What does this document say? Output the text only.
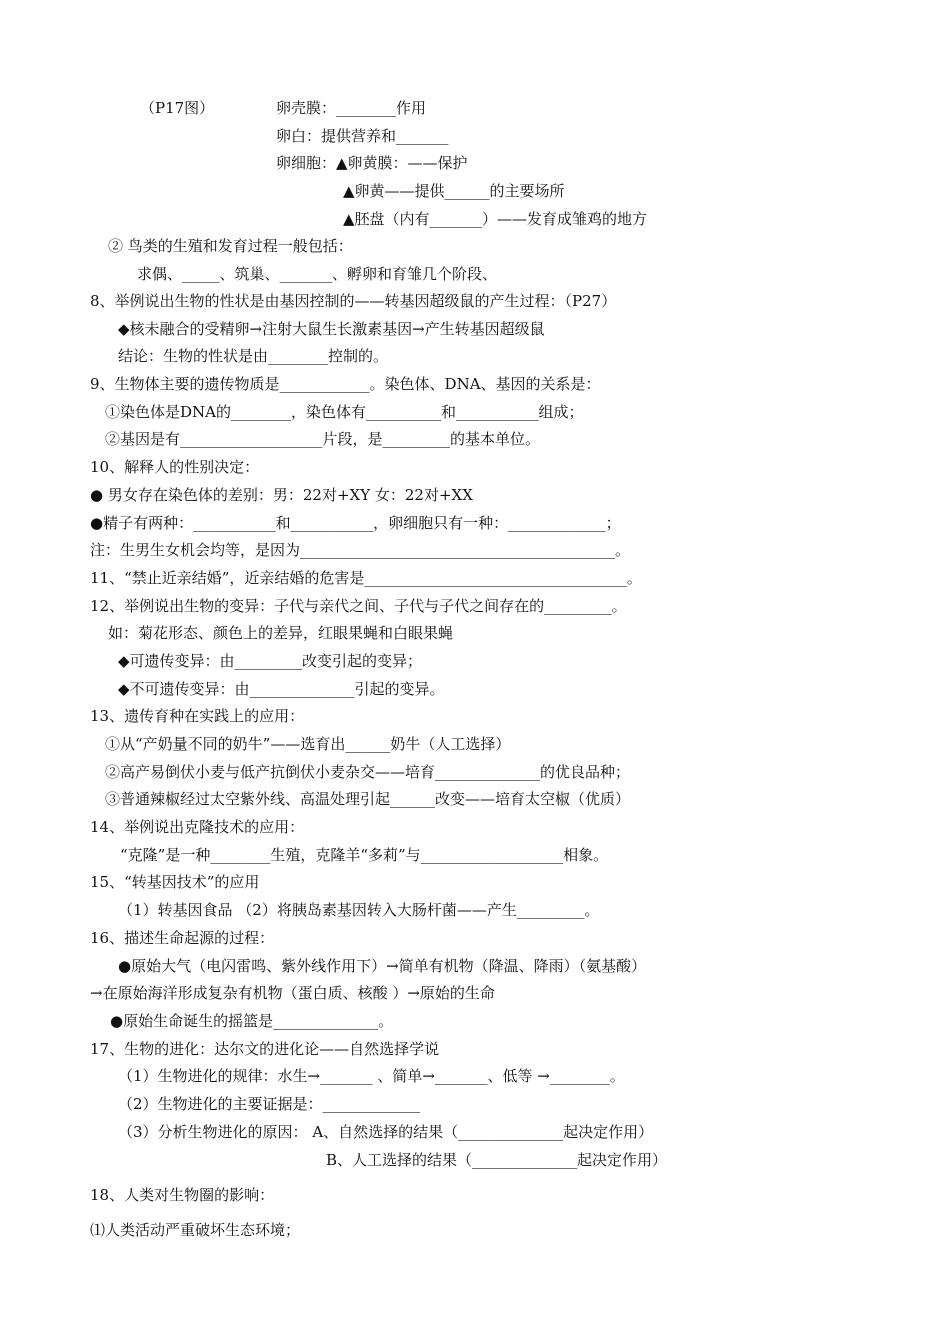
（P17图）	卵壳膜：________作用
卵白：提供营养和_______
卵细胞：▲卵黄膜：——保护
▲卵黄——提供______的主要场所
▲胚盘（内有_______）——发育成雏鸡的地方
② 鸟类的生殖和发育过程一般包括：
求偶、_____、筑巢、_______、孵卵和育雏几个阶段、
8、举例说出生物的性状是由基因控制的——转基因超级鼠的产生过程：（P27）
◆核未融合的受精卵→注射大鼠生长激素基因→产生转基因超级鼠
结论：生物的性状是由________控制的。
9、生物体主要的遗传物质是____________。染色体、DNA、基因的关系是：
①染色体是DNA的________，染色体有__________和___________组成；
②基因是有___________________片段，是_________的基本单位。
10、解释人的性别决定：
● 男女存在染色体的差别：男：22对+XY 女：22对+XX
●精子有两种：___________和___________，卵细胞只有一种：_____________；
注：生男生女机会均等，是因为__________________________________________。
11、“禁止近亲结婚”，近亲结婚的危害是___________________________________。
12、举例说出生物的变异：子代与亲代之间、子代与子代之间存在的_________。
如：菊花形态、颜色上的差异，红眼果蝇和白眼果蝇
◆可遗传变异：由_________改变引起的变异；
◆不可遗传变异：由______________引起的变异。
13、遗传育种在实践上的应用：
①从“产奶量不同的奶牛”——选育出______奶牛（人工选择）
②高产易倒伏小麦与低产抗倒伏小麦杂交——培育______________的优良品种；
③普通辣椒经过太空紫外线、高温处理引起______改变——培育太空椒（优质）
14、举例说出克隆技术的应用：
“克隆”是一种________生殖，克隆羊“多莉”与___________________相象。
15、“转基因技术”的应用
（1）转基因食品 （2）将胰岛素基因转入大肠杆菌——产生_________。
16、描述生命起源的过程：
●原始大气（电闪雷鸣、紫外线作用下）→简单有机物（降温、降雨）（氨基酸）
→在原始海洋形成复杂有机物（蛋白质、核酸 ）→原始的生命
●原始生命诞生的摇篮是______________。
17、生物的进化：达尔文的进化论——自然选择学说
（1）生物进化的规律：水生→_______ 、简单→_______、低等 →________。
（2）生物进化的主要证据是：_____________
（3）分析生物进化的原因： A、自然选择的结果（______________起决定作用）
B、人工选择的结果（______________起决定作用）
18、人类对生物圈的影响：
⑴人类活动严重破坏生态环境；
